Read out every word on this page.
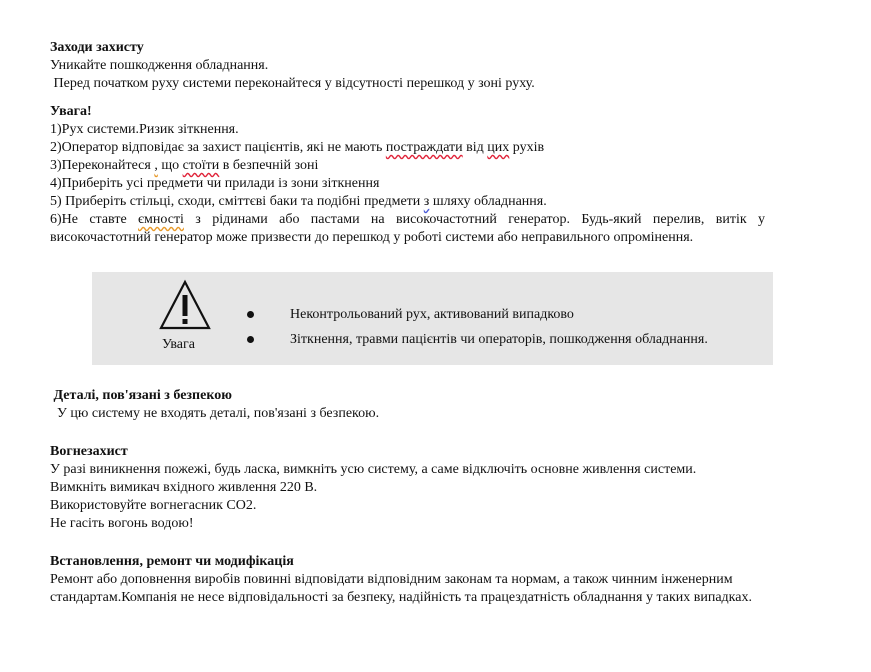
Заходи захисту
Уникайте пошкодження обладнання.
Перед початком руху системи переконайтеся у відсутності перешкод у зоні руху.
Увага!
1)Рух системи.Ризик зіткнення.
2)Оператор відповідає за захист пацієнтів, які не мають постраждати від цих рухів
3)Переконайтеся , що стоїти в безпечній зоні
4)Приберіть усі предмети чи прилади із зони зіткнення
5) Приберіть стільці, сходи, сміттєві баки та подібні предмети з шляху обладнання.
6)Не ставте ємності з рідинами або пастами на високочастотний генератор. Будь-який перелив, витік у високочастотний генератор може призвести до перешкод у роботі системи або неправильного опромінення.
Увага
Неконтрольований рух, активований випадково
Зіткнення, травми пацієнтів чи операторів, пошкодження обладнання.
Деталі, пов'язані з безпекою
У цю систему не входять деталі, пов'язані з безпекою.
Вогнезахист
У разі виникнення пожежі, будь ласка, вимкніть усю систему, а саме відключіть основне живлення системи.
Вимкніть вимикач вхідного живлення 220 В.
Використовуйте вогнегасник CO2.
Не гасіть вогонь водою!
Встановлення, ремонт чи модифікація
Ремонт або доповнення виробів повинні відповідати відповідним законам та нормам, а також чинним інженерним
стандартам.Компанія не несе відповідальності за безпеку, надійність та працездатність обладнання у таких випадках.
